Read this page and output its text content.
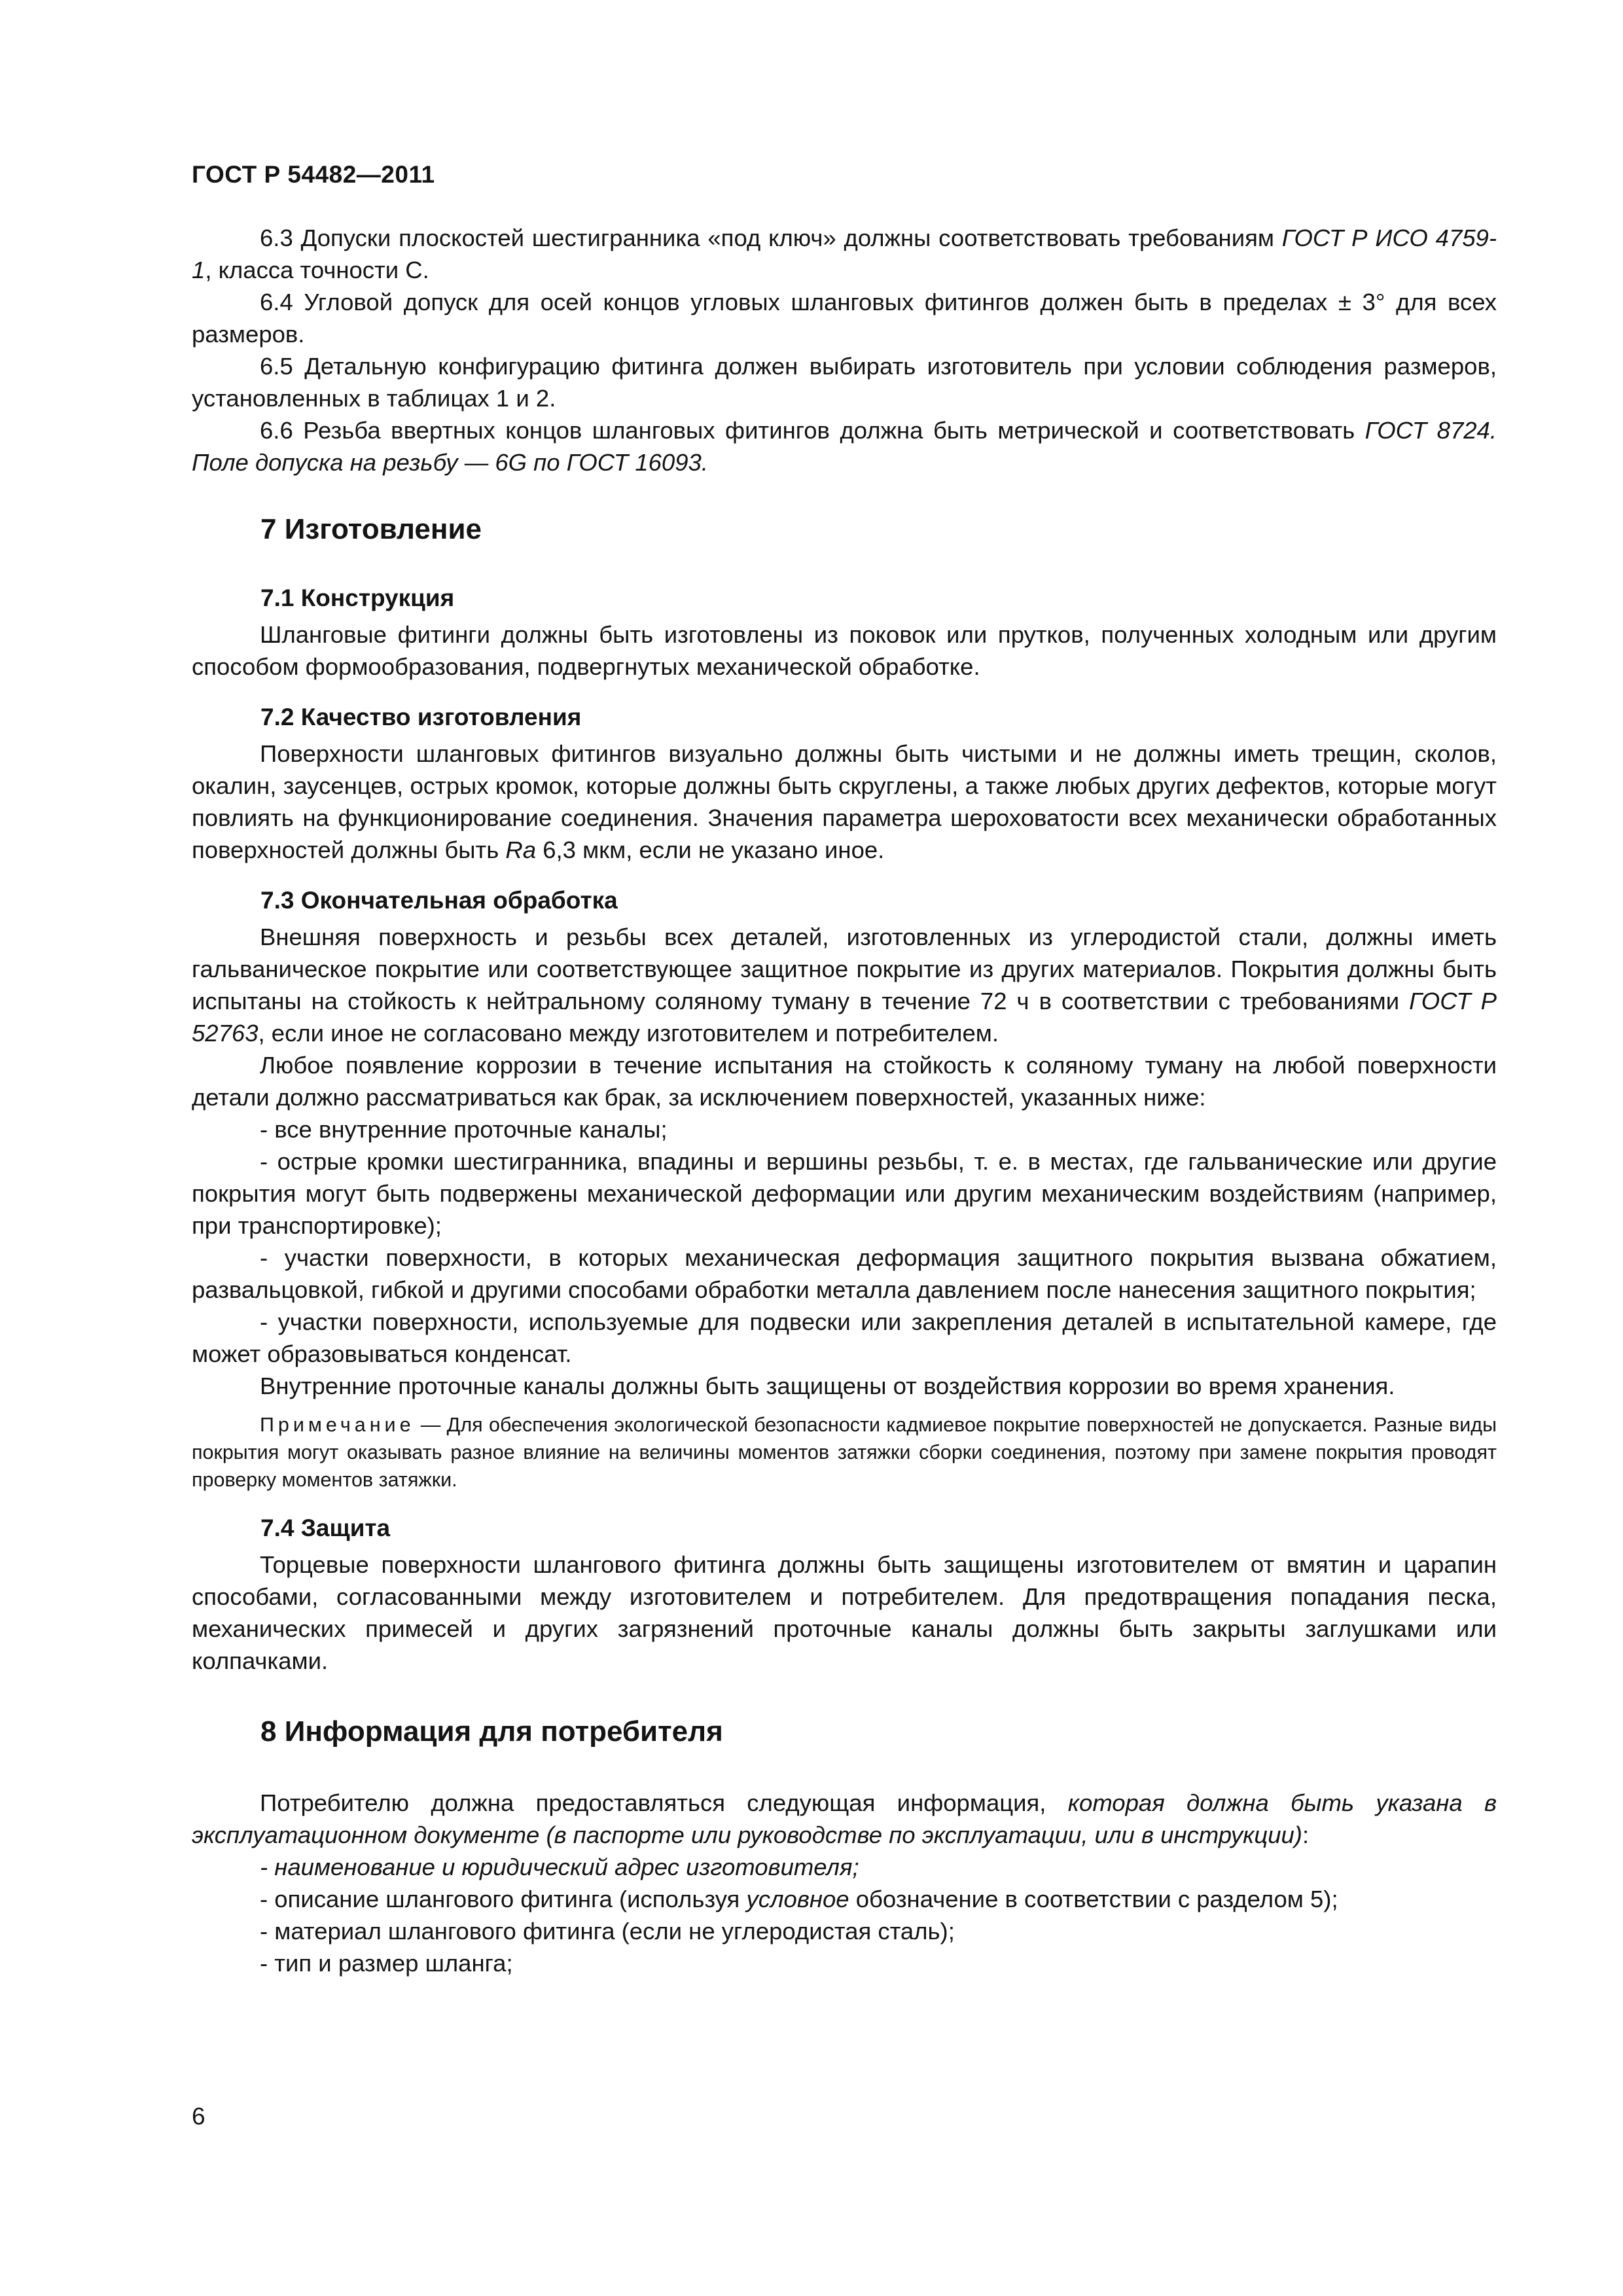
ГОСТ Р 54482—2011

6.3 Допуски плоскостей шестигранника «под ключ» должны соответствовать требованиям ГОСТ Р ИСО 4759-1, класса точности С.

6.4 Угловой допуск для осей концов угловых шланговых фитингов должен быть в пределах ± 3° для всех размеров.

6.5 Детальную конфигурацию фитинга должен выбирать изготовитель при условии соблюдения размеров, установленных в таблицах 1 и 2.

6.6 Резьба ввертных концов шланговых фитингов должна быть метрической и соответствовать ГОСТ 8724. Поле допуска на резьбу — 6G по ГОСТ 16093.

7 Изготовление
7.1 Конструкция

Шланговые фитинги должны быть изготовлены из поковок или прутков, полученных холодным или другим способом формообразования, подвергнутых механической обработке.

7.2 Качество изготовления

Поверхности шланговых фитингов визуально должны быть чистыми и не должны иметь трещин, сколов, окалин, заусенцев, острых кромок, которые должны быть скруглены, а также любых других дефектов, которые могут повлиять на функционирование соединения. Значения параметра шероховатости всех механически обработанных поверхностей должны быть Ra 6,3 мкм, если не указано иное.

7.3 Окончательная обработка

Внешняя поверхность и резьбы всех деталей, изготовленных из углеродистой стали, должны иметь гальваническое покрытие или соответствующее защитное покрытие из других материалов. Покрытия должны быть испытаны на стойкость к нейтральному соляному туману в течение 72 ч в соответствии с требованиями ГОСТ Р 52763, если иное не согласовано между изготовителем и потребителем.

Любое появление коррозии в течение испытания на стойкость к соляному туману на любой поверхности детали должно рассматриваться как брак, за исключением поверхностей, указанных ниже:

- все внутренние проточные каналы;

- острые кромки шестигранника, впадины и вершины резьбы, т. е. в местах, где гальванические или другие покрытия могут быть подвержены механической деформации или другим механическим воздействиям (например, при транспортировке);

- участки поверхности, в которых механическая деформация защитного покрытия вызвана обжатием, развальцовкой, гибкой и другими способами обработки металла давлением после нанесения защитного покрытия;

- участки поверхности, используемые для подвески или закрепления деталей в испытательной камере, где может образовываться конденсат.

Внутренние проточные каналы должны быть защищены от воздействия коррозии во время хранения.

Примечание — Для обеспечения экологической безопасности кадмиевое покрытие поверхностей не допускается. Разные виды покрытия могут оказывать разное влияние на величины моментов затяжки сборки соединения, поэтому при замене покрытия проводят проверку моментов затяжки.

7.4 Защита

Торцевые поверхности шлангового фитинга должны быть защищены изготовителем от вмятин и царапин способами, согласованными между изготовителем и потребителем. Для предотвращения попадания песка, механических примесей и других загрязнений проточные каналы должны быть закрыты заглушками или колпачками.

8 Информация для потребителя

Потребителю должна предоставляться следующая информация, которая должна быть указана в эксплуатационном документе (в паспорте или руководстве по эксплуатации, или в инструкции):

- наименование и юридический адрес изготовителя;

- описание шлангового фитинга (используя условное обозначение в соответствии с разделом 5);

- материал шлангового фитинга (если не углеродистая сталь);

- тип и размер шланга;

6
